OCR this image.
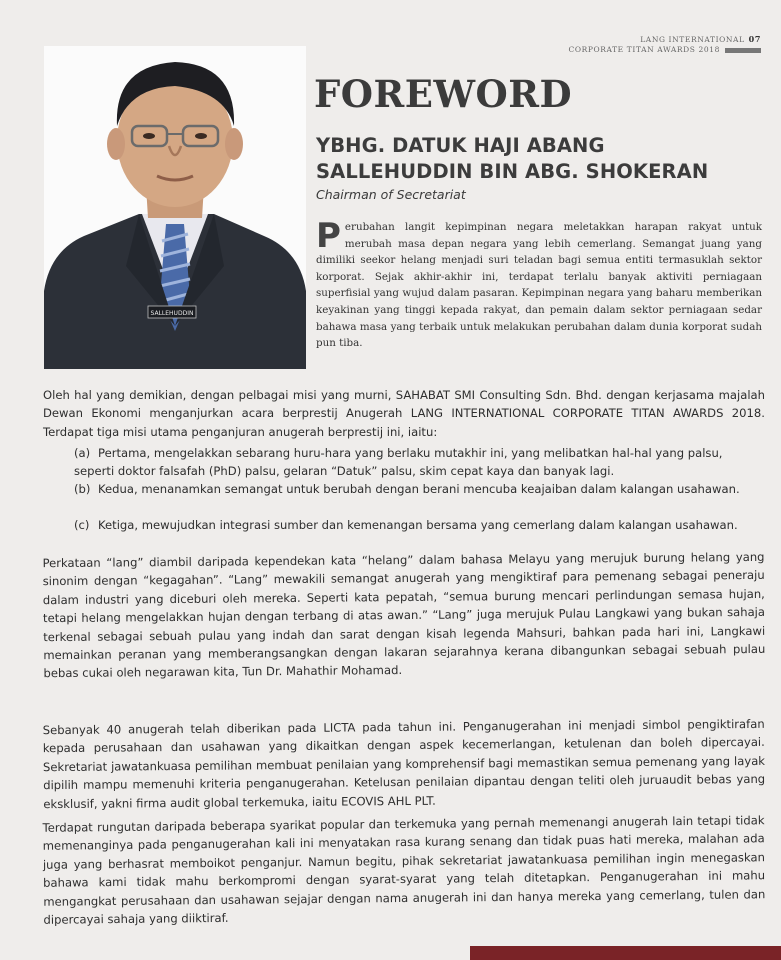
LANG INTERNATIONAL 07
CORPORATE TITAN AWARDS 2018
SALLEHUDDIN
FOREWORD
YBHG. DATUK HAJI ABANG
SALLEHUDDIN BIN ABG. SHOKERAN
Chairman of Secretariat
Perubahan langit kepimpinan negara meletakkan harapan rakyat untuk merubah masa depan negara yang lebih cemerlang. Semangat juang yang dimiliki seekor helang menjadi suri teladan bagi semua entiti termasuklah sektor korporat. Sejak akhir-akhir ini, terdapat terlalu banyak aktiviti perniagaan superfisial yang wujud dalam pasaran. Kepimpinan negara yang baharu memberikan keyakinan yang tinggi kepada rakyat, dan pemain dalam sektor perniagaan sedar bahawa masa yang terbaik untuk melakukan perubahan dalam dunia korporat sudah pun tiba.
Oleh hal yang demikian, dengan pelbagai misi yang murni, SAHABAT SMI Consulting Sdn. Bhd. dengan kerjasama majalah Dewan Ekonomi menganjurkan acara berprestij Anugerah LANG INTERNATIONAL CORPORATE TITAN AWARDS 2018. Terdapat tiga misi utama penganjuran anugerah berprestij ini, iaitu:
(a) Pertama, mengelakkan sebarang huru-hara yang berlaku mutakhir ini, yang melibatkan hal-hal yang palsu, seperti doktor falsafah (PhD) palsu, gelaran “Datuk” palsu, skim cepat kaya dan banyak lagi.
(b) Kedua, menanamkan semangat untuk berubah dengan berani mencuba keajaiban dalam kalangan usahawan.
(c) Ketiga, mewujudkan integrasi sumber dan kemenangan bersama yang cemerlang dalam kalangan usahawan.
Perkataan “lang” diambil daripada kependekan kata “helang” dalam bahasa Melayu yang merujuk burung helang yang sinonim dengan “kegagahan”. “Lang” mewakili semangat anugerah yang mengiktiraf para pemenang sebagai peneraju dalam industri yang diceburi oleh mereka. Seperti kata pepatah, “semua burung mencari perlindungan semasa hujan, tetapi helang mengelakkan hujan dengan terbang di atas awan.” “Lang” juga merujuk Pulau Langkawi yang bukan sahaja terkenal sebagai sebuah pulau yang indah dan sarat dengan kisah legenda Mahsuri, bahkan pada hari ini, Langkawi memainkan peranan yang memberangsangkan dengan lakaran sejarahnya kerana dibangunkan sebagai sebuah pulau bebas cukai oleh negarawan kita, Tun Dr. Mahathir Mohamad.
Sebanyak 40 anugerah telah diberikan pada LICTA pada tahun ini. Penganugerahan ini menjadi simbol pengiktirafan kepada perusahaan dan usahawan yang dikaitkan dengan aspek kecemerlangan, ketulenan dan boleh dipercayai. Sekretariat jawatankuasa pemilihan membuat penilaian yang komprehensif bagi memastikan semua pemenang yang layak dipilih mampu memenuhi kriteria penganugerahan. Ketelusan penilaian dipantau dengan teliti oleh juruaudit bebas yang eksklusif, yakni firma audit global terkemuka, iaitu ECOVIS AHL PLT.
Terdapat rungutan daripada beberapa syarikat popular dan terkemuka yang pernah memenangi anugerah lain tetapi tidak memenanginya pada penganugerahan kali ini menyatakan rasa kurang senang dan tidak puas hati mereka, malahan ada juga yang berhasrat memboikot penganjur. Namun begitu, pihak sekretariat jawatankuasa pemilihan ingin menegaskan bahawa kami tidak mahu berkompromi dengan syarat-syarat yang telah ditetapkan. Penganugerahan ini mahu mengangkat perusahaan dan usahawan sejajar dengan nama anugerah ini dan hanya mereka yang cemerlang, tulen dan dipercayai sahaja yang diiktiraf.
